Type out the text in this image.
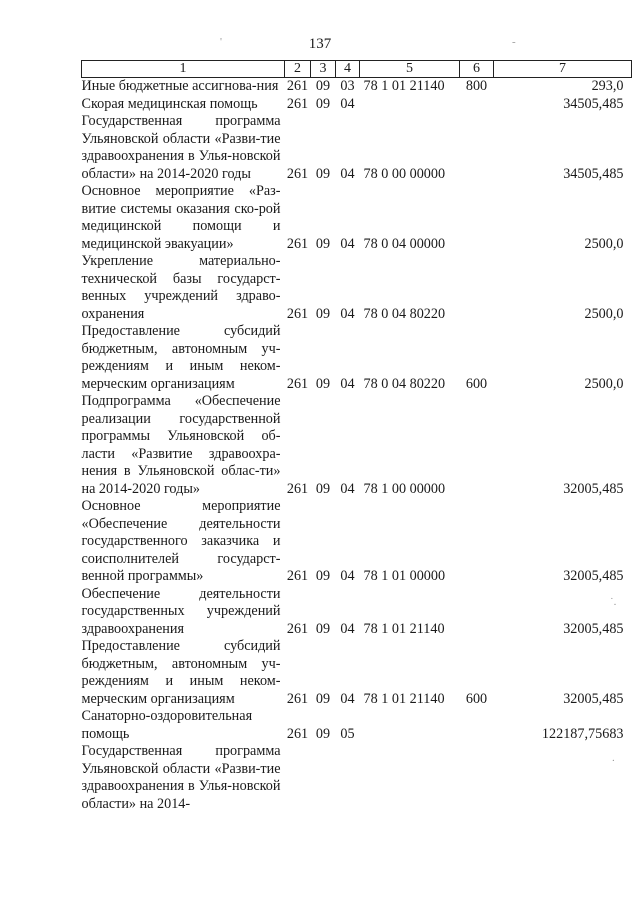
137
1	2	3	4	5	6	7
Иные бюджетные ассигнова-ния	261	09	03	78 1 01 21140	800	293,0
Скорая медицинская помощь	261	09	04			34505,485
Государственная программа Ульяновской области «Разви-тие здравоохранения в Улья-новской области» на 2014-2020 годы	261	09	04	78 0 00 00000		34505,485
Основное мероприятие «Раз-витие системы оказания ско-рой медицинской помощи и медицинской эвакуации»	261	09	04	78 0 04 00000		2500,0
Укрепление материально-технической базы государст-венных учреждений здраво-охранения	261	09	04	78 0 04 80220		2500,0
Предоставление субсидий бюджетным, автономным уч-реждениям и иным неком-мерческим организациям	261	09	04	78 0 04 80220	600	2500,0
Подпрограмма «Обеспечение реализации государственной программы Ульяновской об-ласти «Развитие здравоохра-нения в Ульяновской облас-ти» на 2014-2020 годы»	261	09	04	78 1 00 00000		32005,485
Основное мероприятие «Обеспечение деятельности государственного заказчика и соисполнителей государст-венной программы»	261	09	04	78 1 01 00000		32005,485
Обеспечение деятельности государственных учреждений здравоохранения	261	09	04	78 1 01 21140		32005,485
Предоставление субсидий бюджетным, автономным уч-реждениям и иным неком-мерческим организациям	261	09	04	78 1 01 21140	600	32005,485
Санаторно-оздоровительная помощь	261	09	05			122187,75683
Государственная программа Ульяновской области «Разви-тие здравоохранения в Улья-новской области» на 2014-						
'	-
˙.
.
